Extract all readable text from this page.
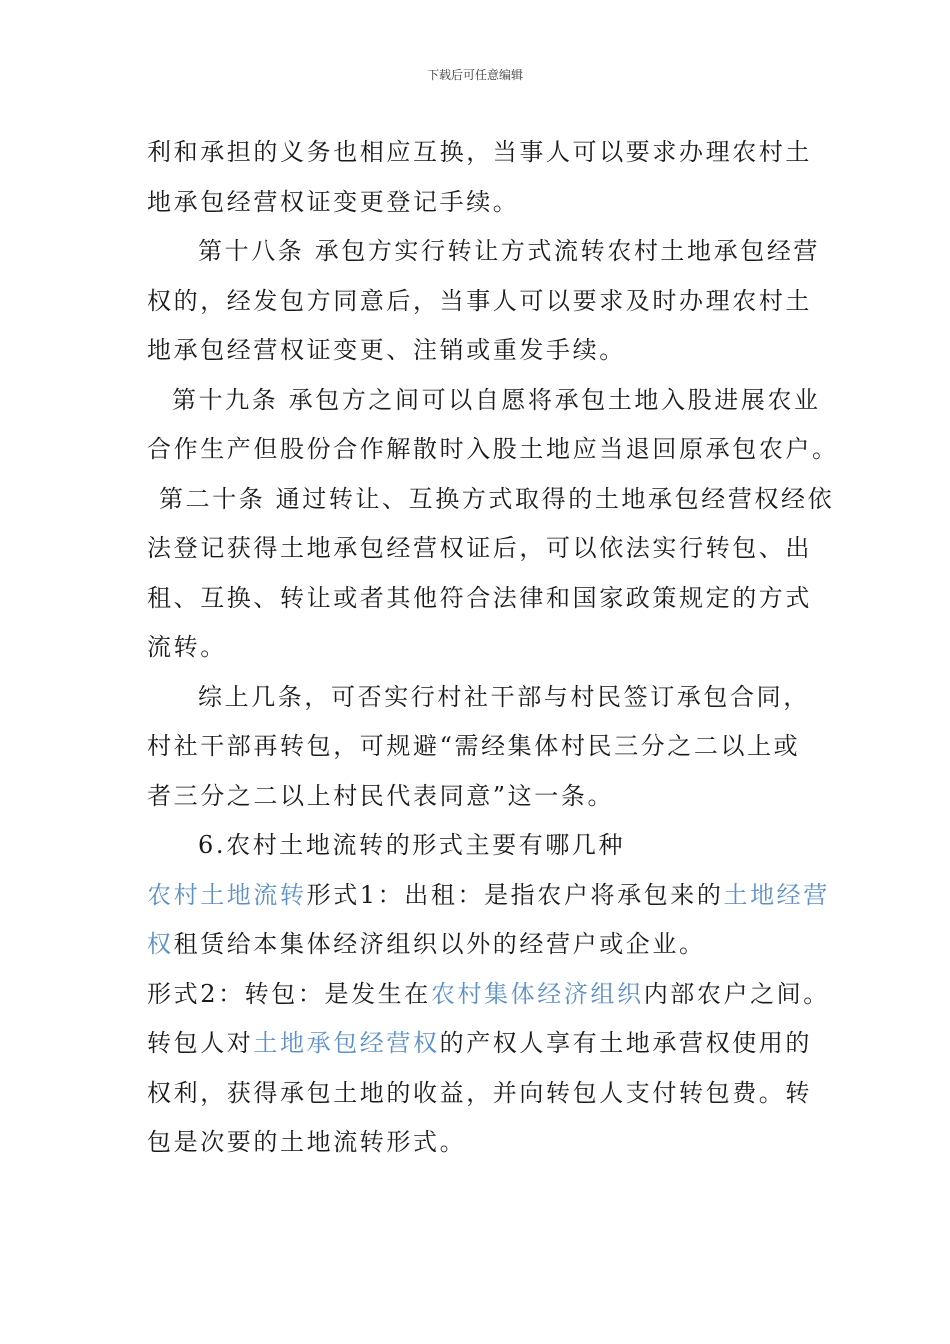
下载后可任意编辑

利和承担的义务也相应互换，当事人可以要求办理农村土

地承包经营权证变更登记手续。

第十八条 承包方实行转让方式流转农村土地承包经营

权的，经发包方同意后，当事人可以要求及时办理农村土

地承包经营权证变更、注销或重发手续。

第十九条 承包方之间可以自愿将承包土地入股进展农业

合作生产但股份合作解散时入股土地应当退回原承包农户。

第二十条 通过转让、互换方式取得的土地承包经营权经依

法登记获得土地承包经营权证后，可以依法实行转包、出

租、互换、转让或者其他符合法律和国家政策规定的方式

流转。

综上几条，可否实行村社干部与村民签订承包合同，

村社干部再转包，可规避“需经集体村民三分之二以上或

者三分之二以上村民代表同意”这一条。

6.农村土地流转的形式主要有哪几种

农村土地流转形式1：出租：是指农户将承包来的土地经营

权租赁给本集体经济组织以外的经营户或企业。

形式2：转包：是发生在农村集体经济组织内部农户之间。

转包人对土地承包经营权的产权人享有土地承营权使用的

权利，获得承包土地的收益，并向转包人支付转包费。转

包是次要的土地流转形式。
